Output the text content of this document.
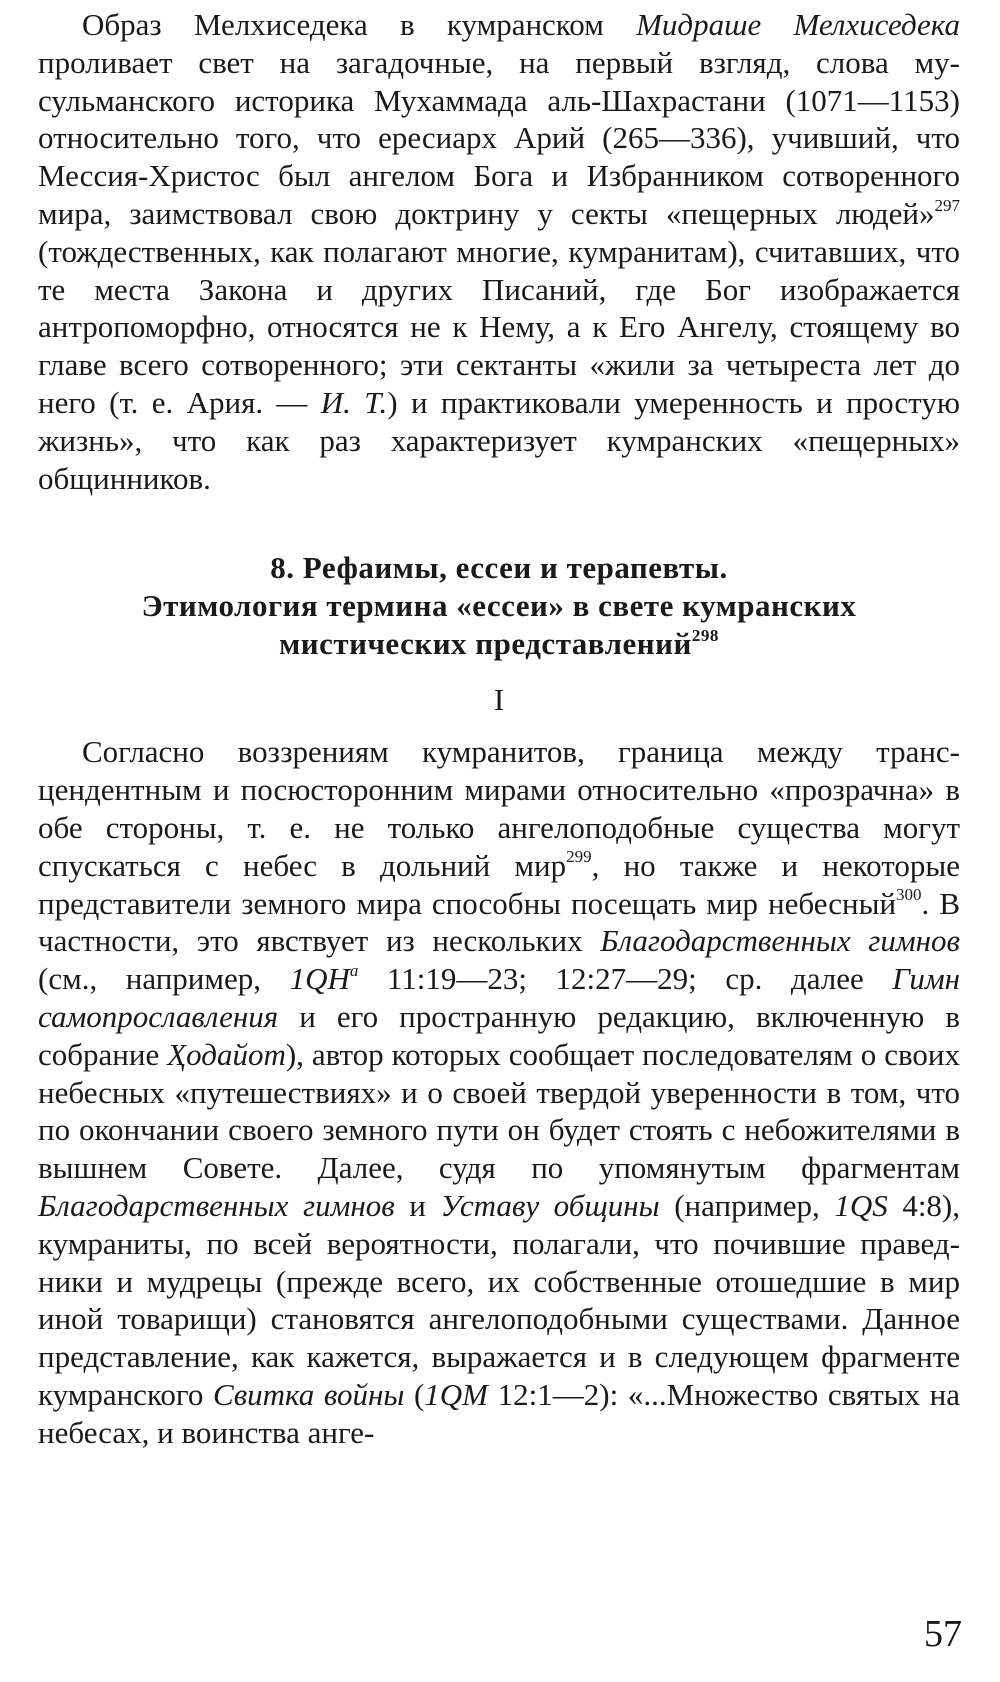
Образ Мелхиседека в кумранском Мидраше Мелхиседека проливает свет на загадочные, на первый взгляд, слова мусульманского историка Мухаммада аль-Шахрастани (1071—1153) относительно того, что ересиарх Арий (265—336), учивший, что Мессия-Христос был ангелом Бога и Избранником сотворенного мира, заимствовал свою доктрину у секты «пещерных людей»$^{297}$ (тождественных, как полагают многие, кумранитам), считавших, что те места Закона и других Писаний, где Бог изображается антропоморфно, относятся не к Нему, а к Его Ангелу, стоящему во главе всего сотворенного; эти сектанты «жили за четыреста лет до него (т. е. Ария. — И. Т.) и практиковали умеренность и простую жизнь», что как раз характеризует кумранских «пещерных» общинников.

8. Рефаимы, ессеи и терапевты.
Этимология термина «ессеи» в свете кумранских
мистических представлений$^{298}$
I

Согласно воззрениям кумранитов, граница между трансцендентным и посюсторонним мирами относительно «прозрачна» в обе стороны, т. е. не только ангелоподобные существа могут спускаться с небес в дольний мир$^{299}$, но также и некоторые представители земного мира способны посещать мир небесный$^{300}$. В частности, это явствует из нескольких Благодарственных гимнов (см., например, $1QH^a$ 11:19—23; 12:27—29; ср. далее Гимн самопрославления и его пространную редакцию, включенную в собрание Ҳодайот), автор которых сообщает последователям о своих небесных «путешествиях» и о своей твердой уверенности в том, что по окончании своего земного пути он будет стоять с небожителями в вышнем Совете. Далее, судя по упомянутым фрагментам Благодарственных гимнов и Уставу общины (например, 1QS 4:8), кумраниты, по всей вероятности, полагали, что почившие праведники и мудрецы (прежде всего, их собственные отошедшие в мир иной товарищи) становятся ангелоподобными существами. Данное представление, как кажется, выражается и в следующем фрагменте кумранского Свитка войны (1QM 12:1—2): «...Множество святых на небесах, и воинства анге-

57
